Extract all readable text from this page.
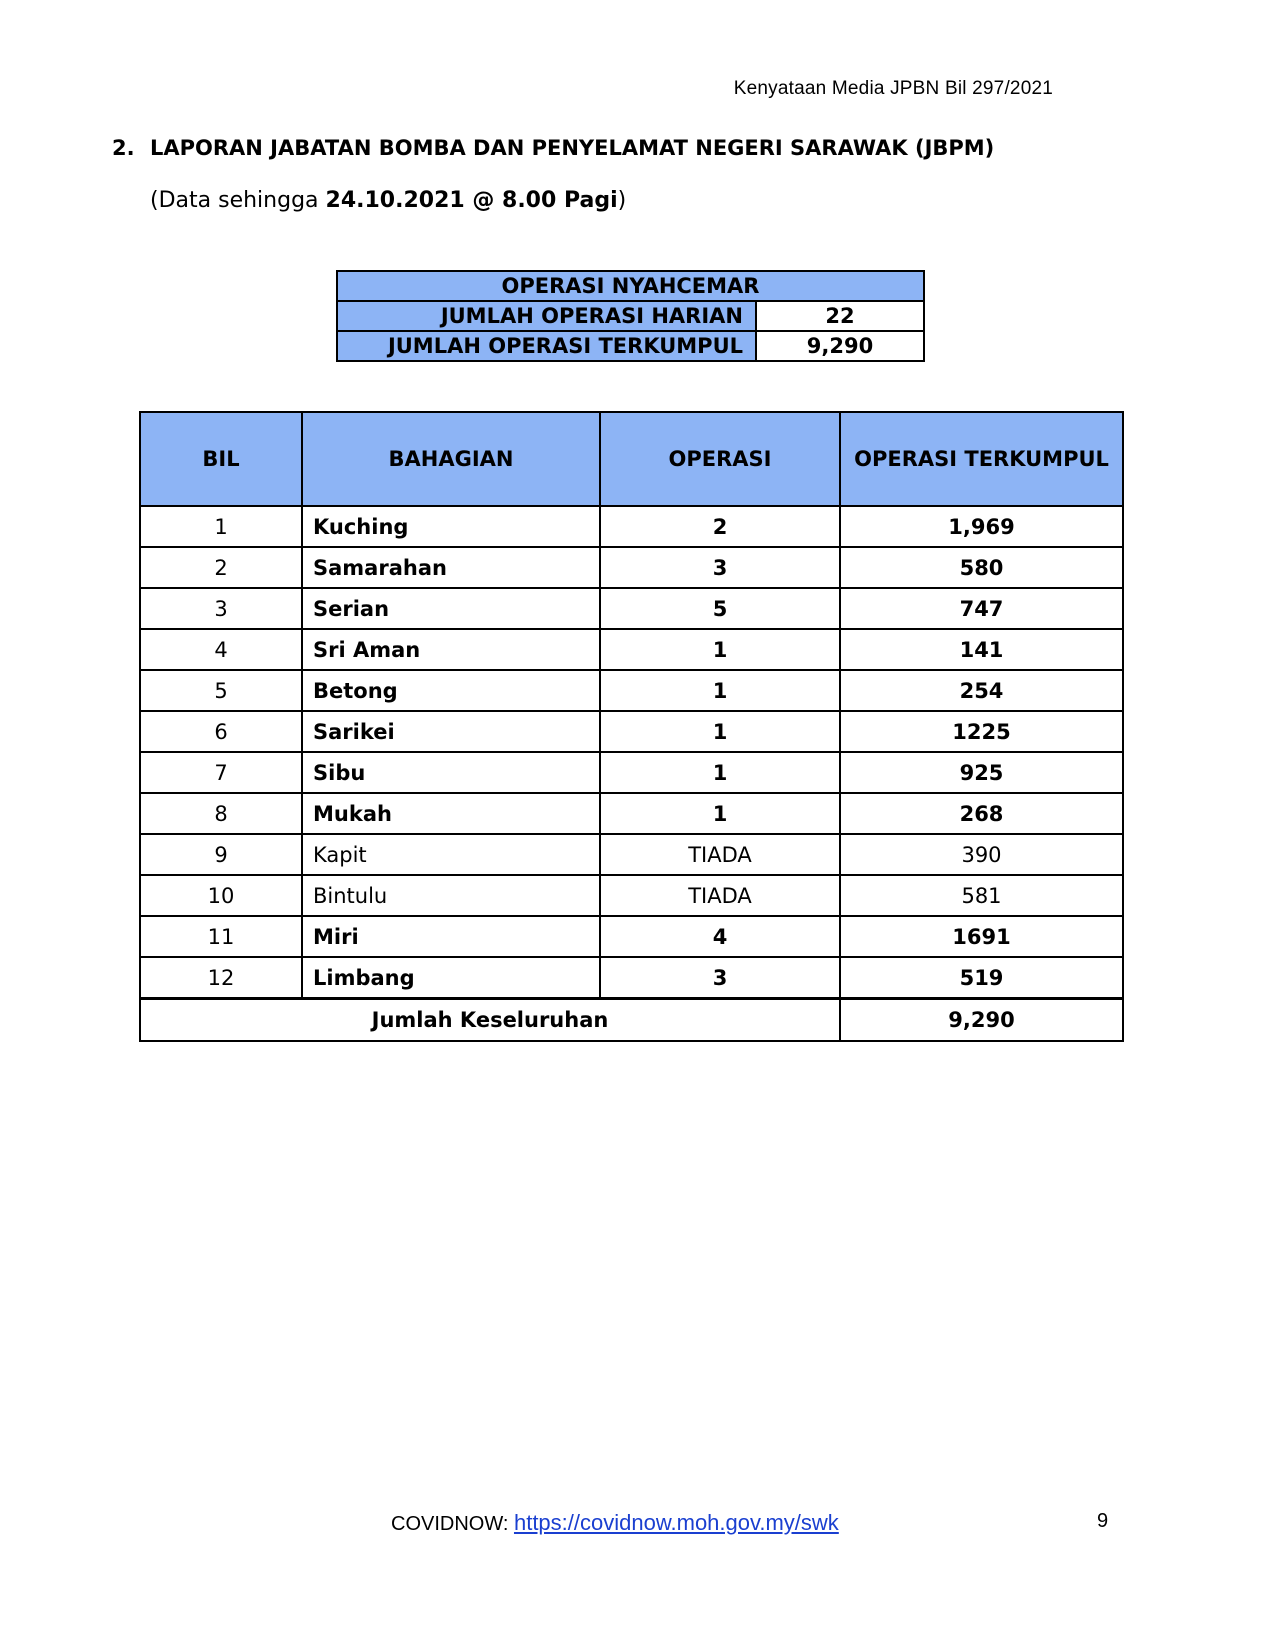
Kenyataan Media JPBN Bil 297/2021
2. LAPORAN JABATAN BOMBA DAN PENYELAMAT NEGERI SARAWAK (JBPM)
(Data sehingga 24.10.2021 @ 8.00 Pagi)
OPERASI NYAHCEMAR	
JUMLAH OPERASI HARIAN	22
JUMLAH OPERASI TERKUMPUL	9,290
BIL	BAHAGIAN	OPERASI	OPERASI TERKUMPUL
1	Kuching	2	1,969
2	Samarahan	3	580
3	Serian	5	747
4	Sri Aman	1	141
5	Betong	1	254
6	Sarikei	1	1225
7	Sibu	1	925
8	Mukah	1	268
9	Kapit	TIADA	390
10	Bintulu	TIADA	581
11	Miri	4	1691
12	Limbang	3	519
Jumlah Keseluruhan			9,290
COVIDNOW: https://covidnow.moh.gov.my/swk	9
